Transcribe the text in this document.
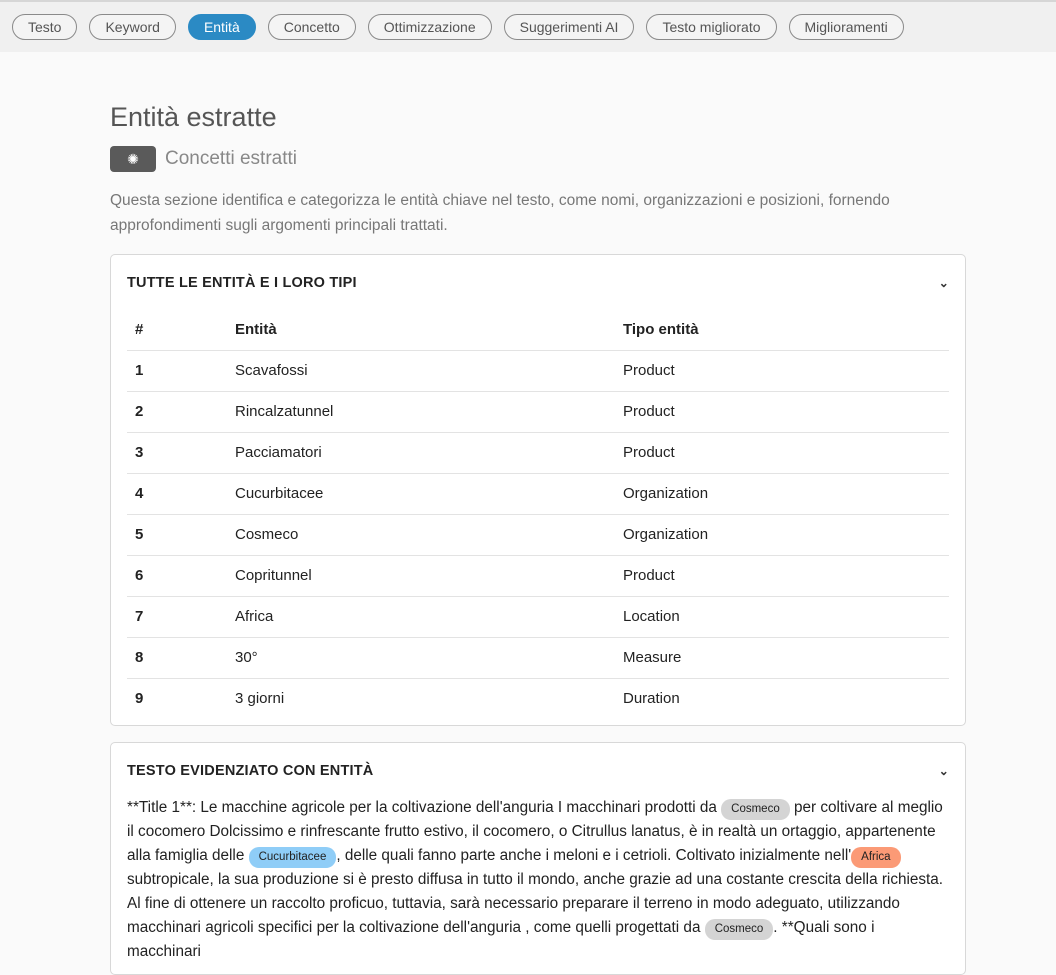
Testo	Keyword	Entità	Concetto	Ottimizzazione	Suggerimenti AI	Testo migliorato	Miglioramenti
Entità estratte
✺	Concetti estratti

Questa sezione identifica e categorizza le entità chiave nel testo, come nomi, organizzazioni e posizioni, fornendo approfondimenti sugli argomenti principali trattati.

TUTTE LE ENTITÀ E I LORO TIPI	⌄
#	Entità	Tipo entità
1	Scavafossi	Product
2	Rincalzatunnel	Product
3	Pacciamatori	Product
4	Cucurbitacee	Organization
5	Cosmeco	Organization
6	Copritunnel	Product
7	Africa	Location
8	30°	Measure
9	3 giorni	Duration
TESTO EVIDENZIATO CON ENTITÀ	⌄

**Title 1**: Le macchine agricole per la coltivazione dell'anguria I macchinari prodotti da Cosmeco per coltivare al meglio il cocomero Dolcissimo e rinfrescante frutto estivo, il cocomero, o Citrullus lanatus, è in realtà un ortaggio, appartenente alla famiglia delle Cucurbitacee , delle quali fanno parte anche i meloni e i cetrioli. Coltivato inizialmente nell' Africa subtropicale, la sua produzione si è presto diffusa in tutto il mondo, anche grazie ad una costante crescita della richiesta. Al fine di ottenere un raccolto proficuo, tuttavia, sarà necessario preparare il terreno in modo adeguato, utilizzando macchinari agricoli specifici per la coltivazione dell'anguria , come quelli progettati da Cosmeco . **Quali sono i macchinari
